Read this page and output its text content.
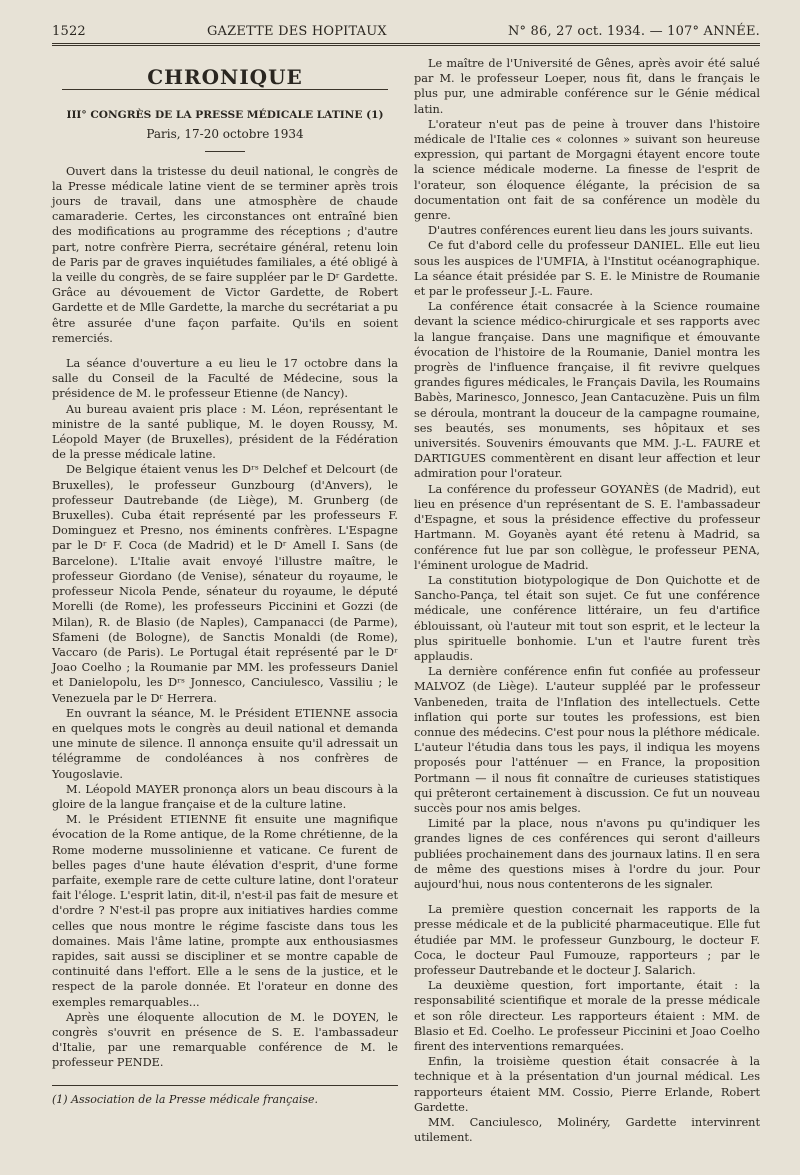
1522	GAZETTE DES HOPITAUX	N° 86, 27 oct. 1934. — 107° ANNÉE.
CHRONIQUE
III° CONGRÈS DE LA PRESSE MÉDICALE LATINE (1)
Paris, 17-20 octobre 1934

Ouvert dans la tristesse du deuil national, le congrès de la Presse médicale latine vient de se terminer après trois jours de travail, dans une atmosphère de chaude camaraderie. Certes, les circonstances ont entraîné bien des modifications au programme des réceptions ; d'autre part, notre confrère Pierra, secrétaire général, retenu loin de Paris par de graves inquiétudes familiales, a été obligé à la veille du congrès, de se faire suppléer par le Dʳ Gardette. Grâce au dévouement de Victor Gardette, de Robert Gardette et de Mlle Gardette, la marche du secrétariat a pu être assurée d'une façon parfaite. Qu'ils en soient remerciés.

La séance d'ouverture a eu lieu le 17 octobre dans la salle du Conseil de la Faculté de Médecine, sous la présidence de M. le professeur Etienne (de Nancy).

Au bureau avaient pris place : M. Léon, représentant le ministre de la santé publique, M. le doyen Roussy, M. Léopold Mayer (de Bruxelles), président de la Fédération de la presse médicale latine.

De Belgique étaient venus les Dʳˢ Delchef et Delcourt (de Bruxelles), le professeur Gunzbourg (d'Anvers), le professeur Dautrebande (de Liège), M. Grunberg (de Bruxelles). Cuba était représenté par les professeurs F. Dominguez et Presno, nos éminents confrères. L'Espagne par le Dʳ F. Coca (de Madrid) et le Dʳ Amell I. Sans (de Barcelone). L'Italie avait envoyé l'illustre maître, le professeur Giordano (de Venise), sénateur du royaume, le professeur Nicola Pende, sénateur du royaume, le député Morelli (de Rome), les professeurs Piccinini et Gozzi (de Milan), R. de Blasio (de Naples), Campanacci (de Parme), Sfameni (de Bologne), de Sanctis Monaldi (de Rome), Vaccaro (de Paris). Le Portugal était représenté par le Dʳ Joao Coelho ; la Roumanie par MM. les professeurs Daniel et Danielopolu, les Dʳˢ Jonnesco, Canciulesco, Vassiliu ; le Venezuela par le Dʳ Herrera.

En ouvrant la séance, M. le Président ETIENNE associa en quelques mots le congrès au deuil national et demanda une minute de silence. Il annonça ensuite qu'il adressait un télégramme de condoléances à nos confrères de Yougoslavie.

M. Léopold MAYER prononça alors un beau discours à la gloire de la langue française et de la culture latine.

M. le Président ETIENNE fit ensuite une magnifique évocation de la Rome antique, de la Rome chrétienne, de la Rome moderne mussolinienne et vaticane. Ce furent de belles pages d'une haute élévation d'esprit, d'une forme parfaite, exemple rare de cette culture latine, dont l'orateur fait l'éloge. L'esprit latin, dit-il, n'est-il pas fait de mesure et d'ordre ? N'est-il pas propre aux initiatives hardies comme celles que nous montre le régime fasciste dans tous les domaines. Mais l'âme latine, prompte aux enthousiasmes rapides, sait aussi se discipliner et se montre capable de continuité dans l'effort. Elle a le sens de la justice, et le respect de la parole donnée. Et l'orateur en donne des exemples remarquables...

Après une éloquente allocution de M. le DOYEN, le congrès s'ouvrit en présence de S. E. l'ambassadeur d'Italie, par une remarquable conférence de M. le professeur PENDE.

(1) Association de la Presse médicale française.

Le maître de l'Université de Gênes, après avoir été salué par M. le professeur Loeper, nous fit, dans le français le plus pur, une admirable conférence sur le Génie médical latin.

L'orateur n'eut pas de peine à trouver dans l'histoire médicale de l'Italie ces « colonnes » suivant son heureuse expression, qui partant de Morgagni étayent encore toute la science médicale moderne. La finesse de l'esprit de l'orateur, son éloquence élégante, la précision de sa documentation ont fait de sa conférence un modèle du genre.

D'autres conférences eurent lieu dans les jours suivants.

Ce fut d'abord celle du professeur DANIEL. Elle eut lieu sous les auspices de l'UMFIA, à l'Institut océanographique. La séance était présidée par S. E. le Ministre de Roumanie et par le professeur J.-L. Faure.

La conférence était consacrée à la Science roumaine devant la science médico-chirurgicale et ses rapports avec la langue française. Dans une magnifique et émouvante évocation de l'histoire de la Roumanie, Daniel montra les progrès de l'influence française, il fit revivre quelques grandes figures médicales, le Français Davila, les Roumains Babès, Marinesco, Jonnesco, Jean Cantacuzène. Puis un film se déroula, montrant la douceur de la campagne roumaine, ses beautés, ses monuments, ses hôpitaux et ses universités. Souvenirs émouvants que MM. J.-L. FAURE et DARTIGUES commentèrent en disant leur affection et leur admiration pour l'orateur.

La conférence du professeur GOYANÈS (de Madrid), eut lieu en présence d'un représentant de S. E. l'ambassadeur d'Espagne, et sous la présidence effective du professeur Hartmann. M. Goyanès ayant été retenu à Madrid, sa conférence fut lue par son collègue, le professeur PENA, l'éminent urologue de Madrid.

La constitution biotypologique de Don Quichotte et de Sancho-Pança, tel était son sujet. Ce fut une conférence médicale, une conférence littéraire, un feu d'artifice éblouissant, où l'auteur mit tout son esprit, et le lecteur la plus spirituelle bonhomie. L'un et l'autre furent très applaudis.

La dernière conférence enfin fut confiée au professeur MALVOZ (de Liège). L'auteur suppléé par le professeur Vanbeneden, traita de l'Inflation des intellectuels. Cette inflation qui porte sur toutes les professions, est bien connue des médecins. C'est pour nous la pléthore médicale. L'auteur l'étudia dans tous les pays, il indiqua les moyens proposés pour l'atténuer — en France, la proposition Portmann — il nous fit connaître de curieuses statistiques qui prêteront certainement à discussion. Ce fut un nouveau succès pour nos amis belges.

Limité par la place, nous n'avons pu qu'indiquer les grandes lignes de ces conférences qui seront d'ailleurs publiées prochainement dans des journaux latins. Il en sera de même des questions mises à l'ordre du jour. Pour aujourd'hui, nous nous contenterons de les signaler.

La première question concernait les rapports de la presse médicale et de la publicité pharmaceutique. Elle fut étudiée par MM. le professeur Gunzbourg, le docteur F. Coca, le docteur Paul Fumouze, rapporteurs ; par le professeur Dautrebande et le docteur J. Salarich.

La deuxième question, fort importante, était : la responsabilité scientifique et morale de la presse médicale et son rôle directeur. Les rapporteurs étaient : MM. de Blasio et Ed. Coelho. Le professeur Piccinini et Joao Coelho firent des interventions remarquées.

Enfin, la troisième question était consacrée à la technique et à la présentation d'un journal médical. Les rapporteurs étaient MM. Cossio, Pierre Erlande, Robert Gardette.

MM. Canciulesco, Molinéry, Gardette intervinrent utilement.
